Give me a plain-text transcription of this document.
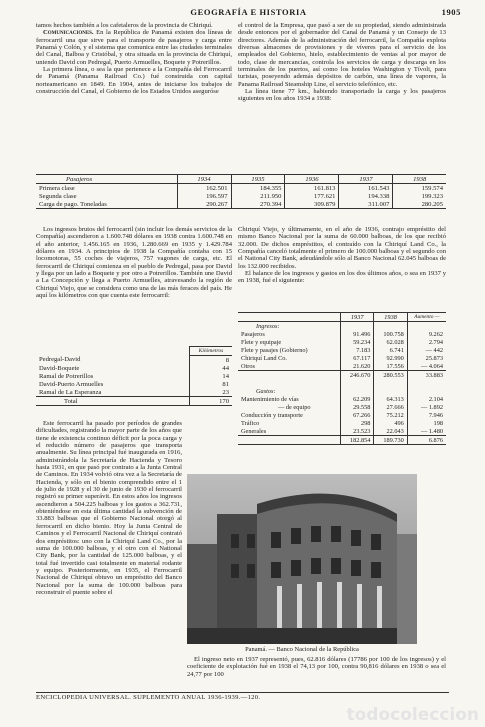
GEOGRAFÍA E HISTORIA	1905

tamos hechos también a los cafetaleros de la provincia de Chiriquí.

Comunicaciones. En la República de Panamá existen dos líneas de ferrocarril una que sirve para el transporte de pasajeros y carga entre Panamá y Colón, y el sistema que comunica entre las ciudades terminales del Canal, Balboa y Cristóbal, y otra situada en la provincia de Chiriquí, uniendo David con Pedregal, Puerto Armuelles, Boquete y Potrerillos.

La primera línea, o sea la que pertenece a la Compañía del Ferrocarril de Panamá (Panama Railroad Co.) fué construida con capital norteamericano en 1849. En 1904, antes de iniciarse los trabajos de construcción del Canal, el Gobierno de los Estados Unidos aseguróse

el control de la Empresa, que pasó a ser de su propiedad, siendo administrada desde entonces por el gobernador del Canal de Panamá y un Consejo de 13 directores. Además de la administración del ferrocarril, la Compañía explota diversas almacenes de provisiones y de víveres para el servicio de los empleados del Gobierno, hielo, establecimiento de ventas al por mayor de todo, clase de mercancías, controla los servicios de carga y descarga en los terminales de los puertos, así como los hoteles Washington y Tívoli, para turistas, poseyendo además depósitos de carbón, una línea de vapores, la Panama Railroad Steamship Line, el servicio telefónico, etc.

La línea tiene 77 km., habiendo transportado la carga y los pasajeros siguientes en los años 1934 a 1938:

Pasajeros	1934	1935	1936	1937	1938
Primera clase	162.501	184.355	161.813	161.543	159.574
Segunda clase	196.597	211.950	177.621	194.338	199.323
Carga de pago. Toneladas	290.267	270.394	309.879	311.007	280.205

Los ingresos brutos del ferrocarril (sin incluir los demás servicios de la Compañía) ascendieron a 1.600.748 dólares en 1938 contra 1.600.748 en el año anterior, 1.456.165 en 1936, 1.280.669 en 1935 y 1.429.784 dólares en 1934. A principios de 1938 la Compañía contaba con 15 locomotoras, 55 coches de viajeros, 757 vagones de carga, etc. El ferrocarril de Chiriquí comienza en el pueblo de Pedregal, pasa por David y llega por un lado a Boquete y por otro a Potrerillos. También une David a La Concepción y llega a Puerto Armuelles, atravesando la región de Chiriquí Viejo, que se considera como una de las más feraces del país. He aquí los kilómetros con que cuenta este ferrocarril:

	Kilómetros
Pedregal-David	8
David-Boquete	44
Ramal de Potrerillos	14
David-Puerto Armuelles	81
Ramal de La Esperanza	23
Total	170

Chiriquí Viejo, y últimamente, en el año de 1936, contrajo empréstito del mismo Banco Nacional por la suma de 60.000 balboas, de los que recibió 32.000. De dichos empréstitos, el contraído con la Chiriquí Land Co., la Compañía canceló totalmente el primero de 100.000 balboas y el segundo con el National City Bank, adeudándole sólo al Banco Nacional 62.045 balboas de los 132.000 recibidos.

El balance de los ingresos y gastos en los dos últimos años, o sea en 1937 y en 1938, fué el siguiente:

	1937	1938	Aumento —
Ingresos:			
Pasajeros	91.496	100.758	9.262
Flete y equipaje	59.234	62.028	2.794
Flete y pasajes (Gobierno)	7.183	6.741	— 442
Chiriquí Land Co.	67.117	92.990	25.873
Otros	21.620	17.556	— 4.064
	246.670	280.553	33.883

Gastos:			
Mantenimiento de vías	62.209	64.313	2.104
— de equipo	29.558	27.666	— 1.892
Conducción y transporte	67.266	75.212	7.946
Tráfico	298	496	198
Generales	23.523	22.043	— 1.480
	182.854	189.730	6.876

Este ferrocarril ha pasado por períodos de grandes dificultades, registrando la mayor parte de los años que tiene de existencia continuo déficit por la poca carga y el reducido número de pasajeros que transporta anualmente. Su línea principal fué inaugurada en 1916, administrándola la Secretaría de Hacienda y Tesoro hasta 1931, en que pasó por contrato a la Junta Central de Caminos. En 1934 volvió otra vez a la Secretaría de Hacienda, y sólo en el bienio comprendido entre el 1 de julio de 1928 y el 30 de junio de 1930 el ferrocarril registró su primer superávit. En estos años los ingresos ascendieron a 504.225 balboas y los gastos a 362.731, obteniéndose en esta última cantidad la subvención de 33.883 balboas que el Gobierno Nacional otorgó al ferrocarril en dicho bienio. Hoy la Junta Central de Caminos y el Ferrocarril Nacional de Chiriquí contrató dos empréstitos: uno con la Chiriquí Land Co., por la suma de 100.000 balboas, y el otro con el National City Bank, por la cantidad de 125.000 balboas, y el total fué invertido casi totalmente en material rodante y equipo. Posteriormente, en 1935, el Ferrocarril Nacional de Chiriquí obtuvo un empréstito del Banco Nacional por la suma de 100.000 balboas para reconstruir el puente sobre el

Panamá. — Banco Nacional de la República

El ingreso neto en 1937 representó, pues, 62.816 dólares (17786 por 100 de los ingresos) y el coeficiente de explotación fué en 1938 el 74,13 por 100, contra 90,816 dólares en 1938 o sea el 24,77 por 100

ENCICLOPEDIA UNIVERSAL. SUPLEMENTO ANUAL 1936-1939.—120.
todocoleccion
